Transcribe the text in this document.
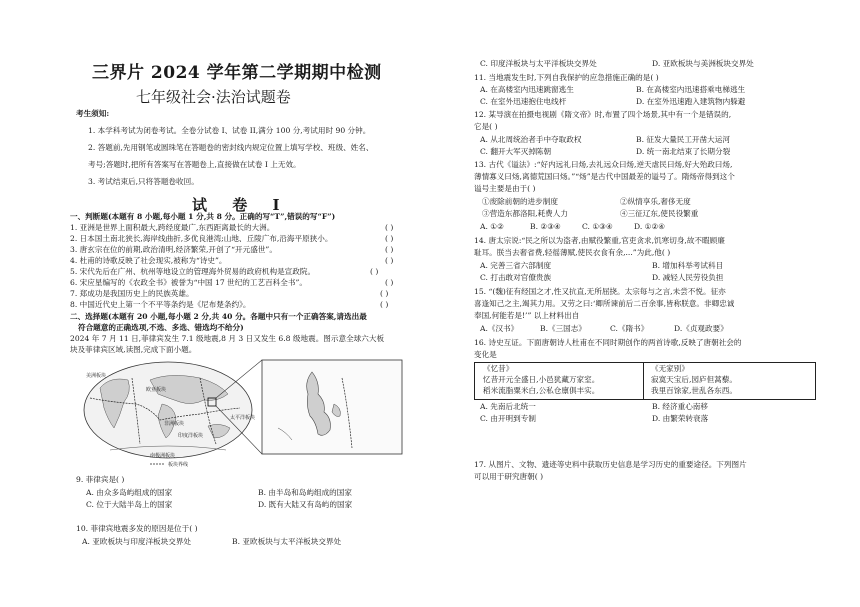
三界片 2024 学年第二学期期中检测
七年级社会·法治试题卷
考生须知:
1. 本学科考试为闭卷考试。全卷分试卷 I、试卷 II,满分 100 分,考试用时 90 分钟。
2. 答题前,先用钢笔或圆珠笔在答题卷的密封线内规定位置上填写学校、班级、姓名、
考号;答题时,把所有答案写在答题卷上,直接做在试卷 I 上无效。
3. 考试结束后,只将答题卷收回。
试 卷 I
一、判断题(本题有 8 小题,每小题 1 分,共 8 分。正确的写“T”,错误的写“F”)
1. 亚洲是世界上面积最大,跨经度最广,东西距离最长的大洲。	( )
2. 日本国土南北狭长,海岸线曲折,多优良港湾;山地、丘陵广布,沿海平原狭小。	( )
3. 唐玄宗在位的前期,政治清明,经济繁荣,开创了“开元盛世”。	( )
4. 杜甫的诗歌反映了社会现实,被称为“诗史”。	( )
5. 宋代先后在广州、杭州等地设立的管理海外贸易的政府机构是宣政院。	( )
6. 宋应星编写的《农政全书》被誉为“中国 17 世纪的工艺百科全书”。	( )
7. 郑成功是我国历史上的民族英雄。	( )
8. 中国近代史上第一个不平等条约是《尼布楚条约》。	( )
二、选择题(本题有 20 小题,每小题 2 分,共 40 分。各题中只有一个正确答案,请选出最
符合题意的正确选项,不选、多选、错选均不给分)
2024 年 7 月 11 日,菲律宾发生 7.1 级地震,8 月 3 日又发生 6.8 级地震。图示意全球六大板
块及菲律宾区域,读图,完成下面小题。
美洲板块
欧亚板块
非洲板块
印度洋板块
太平洋板块
南极洲板块
板块界线
9. 菲律宾是( )
A. 由众多岛屿组成的国家	B. 由半岛和岛屿组成的国家
C. 位于大陆半岛上的国家	D. 既有大陆又有岛屿的国家
10. 菲律宾地震多发的原因是位于( )
A. 亚欧板块与印度洋板块交界处	B. 亚欧板块与太平洋板块交界处
C. 印度洋板块与太平洋板块交界处	D. 亚欧板块与美洲板块交界处
11. 当地震发生时,下列自我保护的应急措施正确的是( )
A. 在高楼室内迅速跳窗逃生	B. 在高楼室内迅速搭乘电梯逃生
C. 在室外迅速抱住电线杆	D. 在室外迅速跑入建筑物内躲避
12. 某导演在拍摄电视剧《隋文帝》时,布置了四个场景,其中有一个是错误的,
它是( )
A. 从北周统治者手中夺取政权	B. 征发大量民工开凿大运河
C. 翻开大军灭掉陈朝	D. 统一南北结束了长期分裂
13. 古代《谥法》:“好内远礼曰炀,去礼远众曰炀,逆天虐民曰炀,好大殆政曰炀,
薄情寡义曰炀,离德荒国曰炀。”“炀”是古代中国最差的谥号了。隋炀帝得到这个
谥号主要是由于( )
①废除前朝的进步制度	②纵情享乐,奢侈无度
③营造东都洛阳,耗费人力	④三征辽东,使民役繁重
A. ①②	B. ②③④	C. ①③④	D. ①②④
14. 唐太宗说:“民之所以为盗者,由赋役繁重,官吏贪求,饥寒切身,故不暇顾廉
耻耳。朕当去奢省费,轻徭薄赋,使民衣食有余,...”为此,他( )
A. 完善三省六部制度	B. 增加科举考试科目
C. 打击敢对官僚贵族	D. 减轻人民劳役负担
15. “(魏)征有经国之才,性又抗直,无所屈挠。太宗每与之言,未尝不悦。征亦
喜逢知己之主,竭其力用。又劳之曰:‘卿所谏前后二百余事,皆称朕意。非卿忠诚
奉国,何能若是!’” 以上材料出自
A.《汉书》	B.《三国志》	C.《隋书》	D.《贞观政要》
16. 诗史互证。下面唐朝诗人杜甫在不同时期创作的两首诗歌,反映了唐朝社会的
变化是
《忆昔》
忆昔开元全盛日,小邑犹藏万家室。
稻米流脂粟米白,公私仓廪俱丰实。
《无家别》
寂寞天宝后,园庐但蒿藜。
我里百馀家,世乱各东西。
A. 先南后北统一	B. 经济重心南移
C. 由开明到专制	D. 由繁荣转衰落
17. 从图片、文物、遗迹等史料中获取历史信息是学习历史的重要途径。下列图片
可以用于研究唐朝( )
